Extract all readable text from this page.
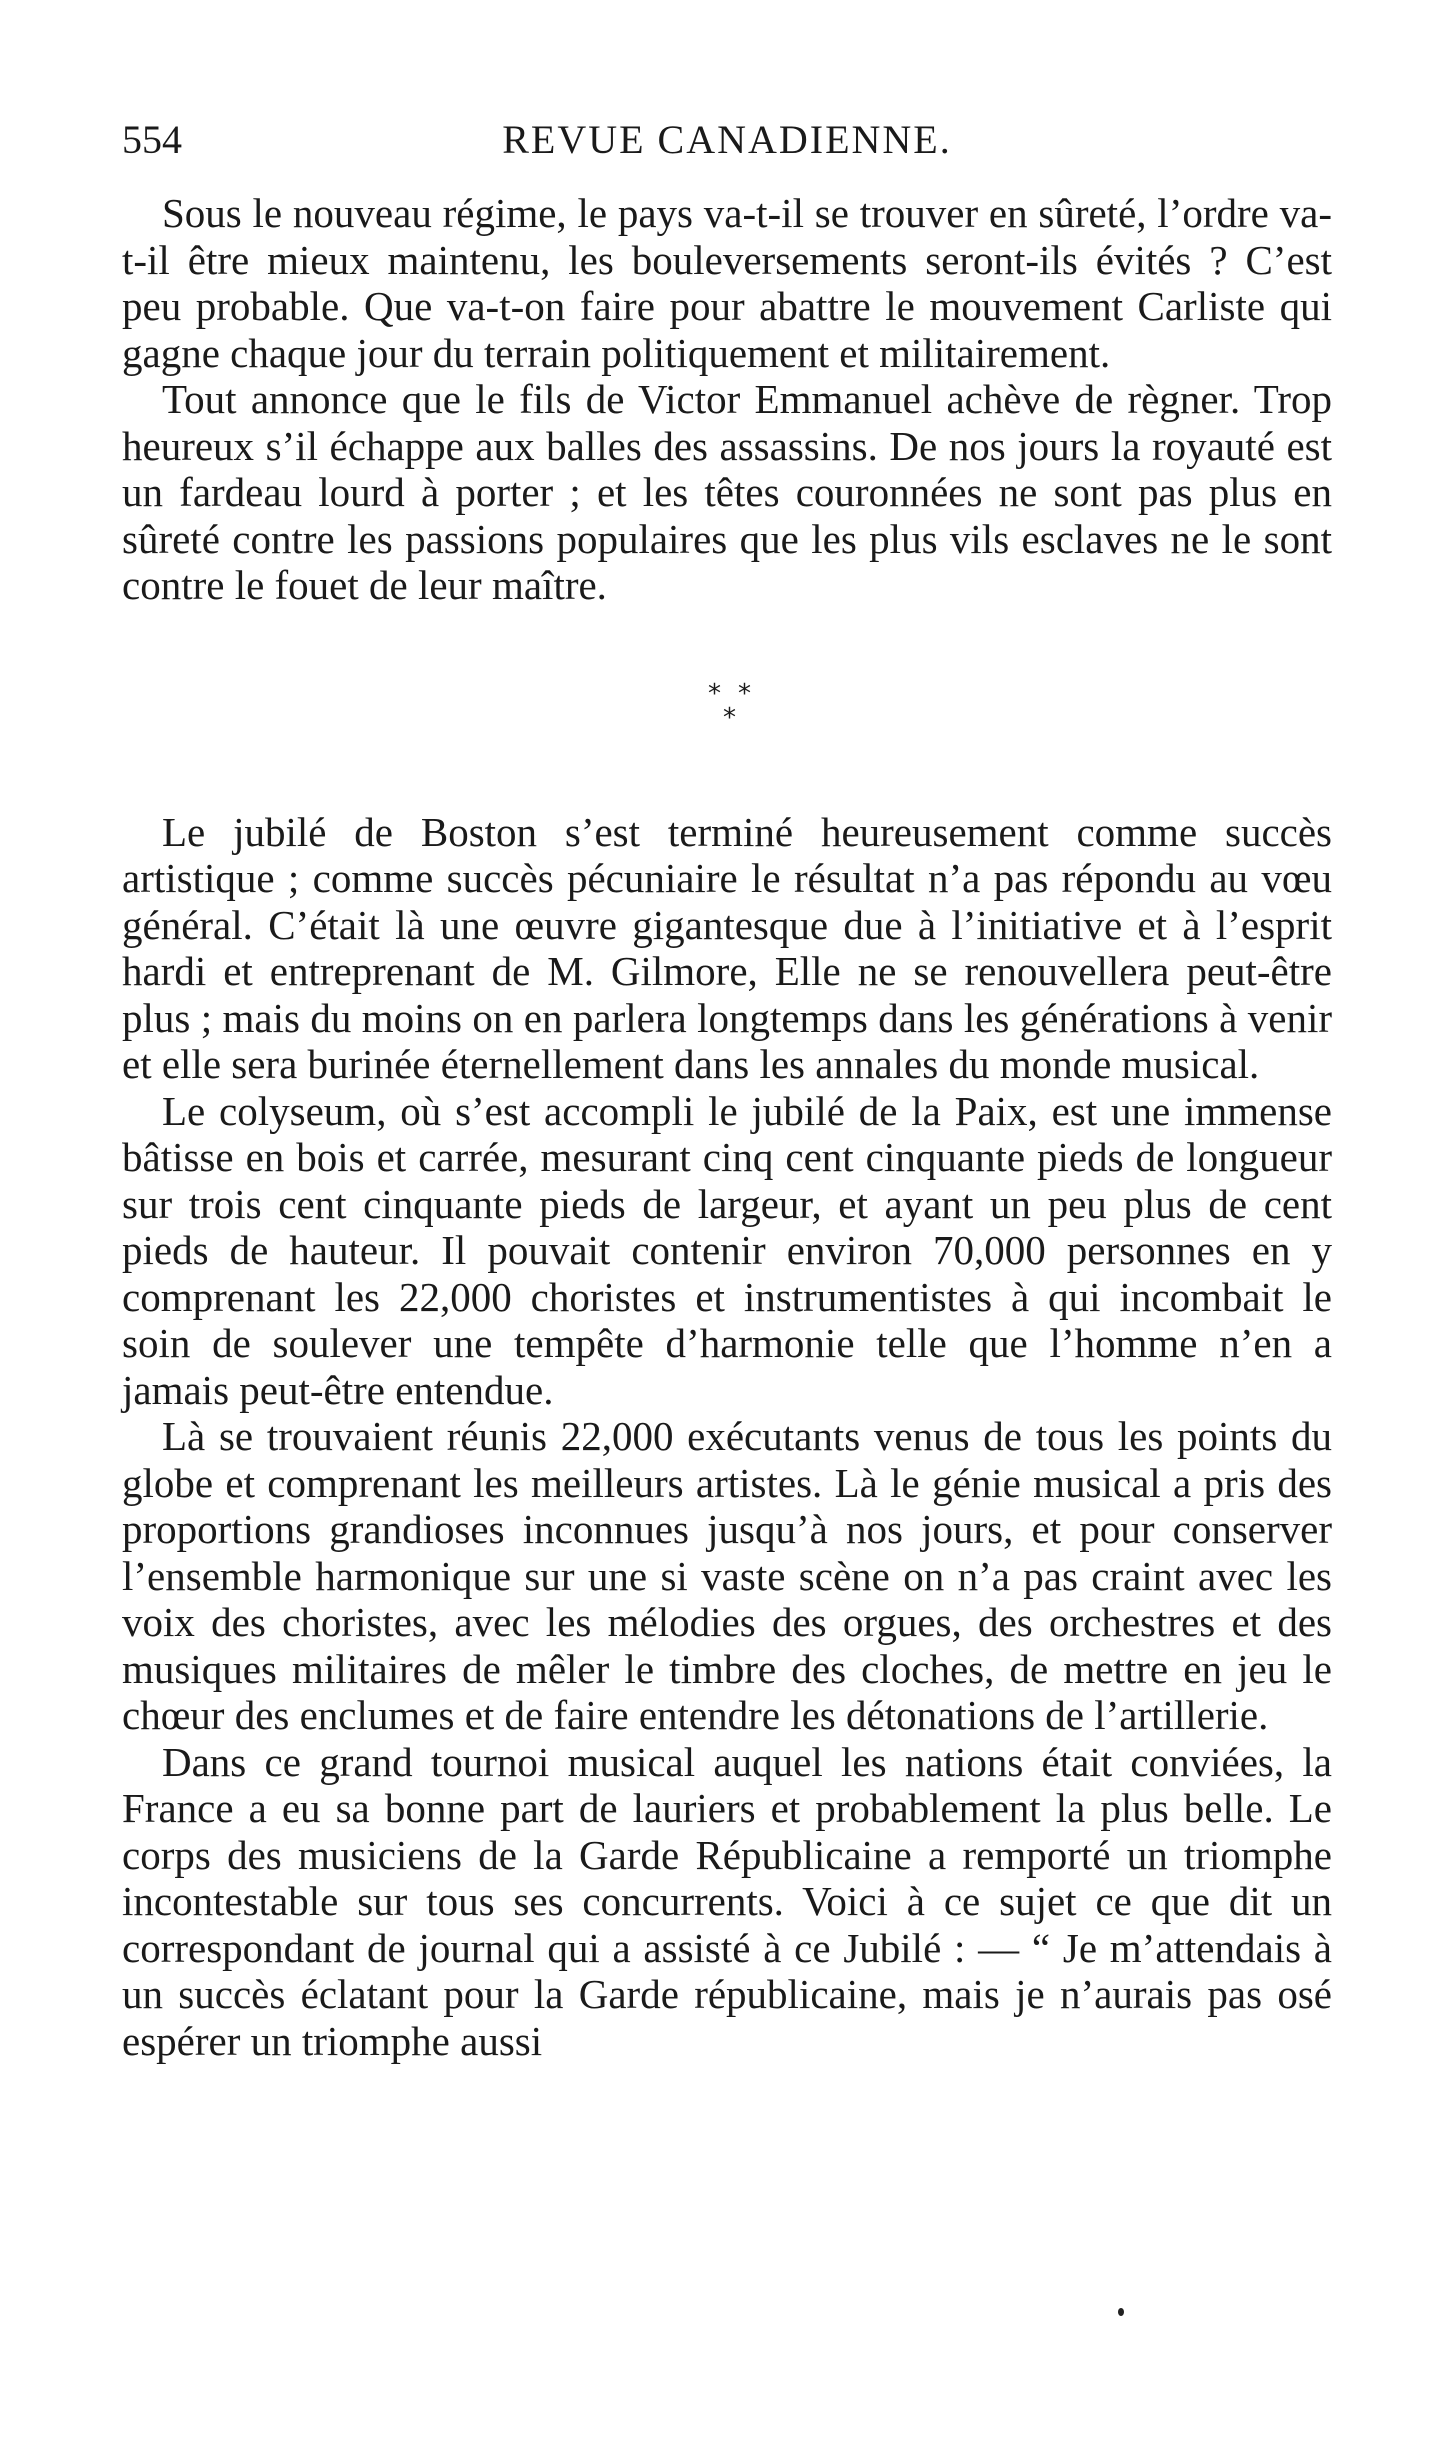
554	REVUE CANADIENNE.

Sous le nouveau régime, le pays va-t-il se trouver en sûreté, l’ordre va-t-il être mieux maintenu, les bouleversements seront-ils évités ? C’est peu probable. Que va-t-on faire pour abattre le mouvement Carliste qui gagne chaque jour du terrain politiquement et militairement.

Tout annonce que le fils de Victor Emmanuel achève de règner. Trop heureux s’il échappe aux balles des assassins. De nos jours la royauté est un fardeau lourd à porter ; et les têtes couronnées ne sont pas plus en sûreté contre les passions populaires que les plus vils esclaves ne le sont contre le fouet de leur maître.

* *
*

Le jubilé de Boston s’est terminé heureusement comme succès artistique ; comme succès pécuniaire le résultat n’a pas répondu au vœu général. C’était là une œuvre gigantesque due à l’initiative et à l’esprit hardi et entreprenant de M. Gilmore, Elle ne se renouvellera peut-être plus ; mais du moins on en parlera longtemps dans les générations à venir et elle sera burinée éternellement dans les annales du monde musical.

Le colyseum, où s’est accompli le jubilé de la Paix, est une immense bâtisse en bois et carrée, mesurant cinq cent cinquante pieds de longueur sur trois cent cinquante pieds de largeur, et ayant un peu plus de cent pieds de hauteur. Il pouvait contenir environ 70,000 personnes en y comprenant les 22,000 choristes et instrumentistes à qui incombait le soin de soulever une tempête d’harmonie telle que l’homme n’en a jamais peut-être entendue.

Là se trouvaient réunis 22,000 exécutants venus de tous les points du globe et comprenant les meilleurs artistes. Là le génie musical a pris des proportions grandioses inconnues jusqu’à nos jours, et pour conserver l’ensemble harmonique sur une si vaste scène on n’a pas craint avec les voix des choristes, avec les mélodies des orgues, des orchestres et des musiques militaires de mêler le timbre des cloches, de mettre en jeu le chœur des enclumes et de faire entendre les détonations de l’artillerie.

Dans ce grand tournoi musical auquel les nations était conviées, la France a eu sa bonne part de lauriers et probablement la plus belle. Le corps des musiciens de la Garde Républicaine a remporté un triomphe incontestable sur tous ses concurrents. Voici à ce sujet ce que dit un correspondant de journal qui a assisté à ce Jubilé : — “ Je m’attendais à un succès éclatant pour la Garde républicaine, mais je n’aurais pas osé espérer un triomphe aussi
